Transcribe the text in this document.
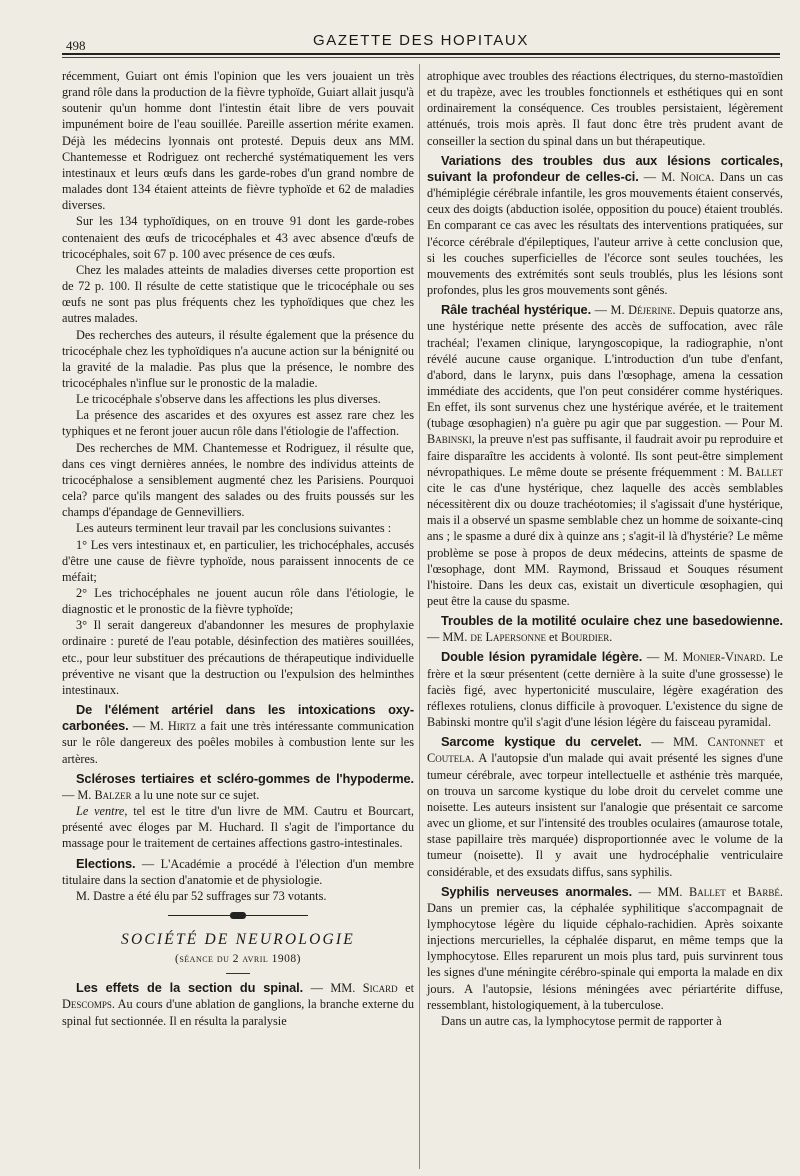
498	GAZETTE DES HOPITAUX

récemment, Guiart ont émis l'opinion que les vers jouaient un très grand rôle dans la production de la fièvre typhoïde, Guiart allait jusqu'à soutenir qu'un homme dont l'intestin était libre de vers pouvait impunément boire de l'eau souillée. Pareille assertion mérite examen. Déjà les médecins lyonnais ont protesté. Depuis deux ans MM. Chantemesse et Rodriguez ont recherché systématiquement les vers intestinaux et leurs œufs dans les garde-robes d'un grand nombre de malades dont 134 étaient atteints de fièvre typhoïde et 62 de maladies diverses.

Sur les 134 typhoïdiques, on en trouve 91 dont les garde-robes contenaient des œufs de tricocéphales et 43 avec absence d'œufs de tricocéphales, soit 67 p. 100 avec présence de ces œufs.

Chez les malades atteints de maladies diverses cette proportion est de 72 p. 100. Il résulte de cette statistique que le tricocéphale ou ses œufs ne sont pas plus fréquents chez les typhoïdiques que chez les autres malades.

Des recherches des auteurs, il résulte également que la présence du tricocéphale chez les typhoïdiques n'a aucune action sur la bénignité ou la gravité de la maladie. Pas plus que la présence, le nombre des tricocéphales n'influe sur le pronostic de la maladie.

Le tricocéphale s'observe dans les affections les plus diverses.

La présence des ascarides et des oxyures est assez rare chez les typhiques et ne feront jouer aucun rôle dans l'étiologie de l'affection.

Des recherches de MM. Chantemesse et Rodriguez, il résulte que, dans ces vingt dernières années, le nombre des individus atteints de tricocéphalose a sensiblement augmenté chez les Parisiens. Pourquoi cela? parce qu'ils mangent des salades ou des fruits poussés sur les champs d'épandage de Gennevilliers.

Les auteurs terminent leur travail par les conclusions suivantes :

1° Les vers intestinaux et, en particulier, les trichocéphales, accusés d'être une cause de fièvre typhoïde, nous paraissent innocents de ce méfait;

2° Les trichocéphales ne jouent aucun rôle dans l'étiologie, le diagnostic et le pronostic de la fièvre typhoïde;

3° Il serait dangereux d'abandonner les mesures de prophylaxie ordinaire : pureté de l'eau potable, désinfection des matières souillées, etc., pour leur substituer des précautions de thérapeutique individuelle préventive ne visant que la destruction ou l'expulsion des helminthes intestinaux.

De l'élément artériel dans les intoxications oxy-carbonées. — M. Hirtz a fait une très intéressante communication sur le rôle dangereux des poêles mobiles à combustion lente sur les artères.

Scléroses tertiaires et scléro-gommes de l'hypoderme. — M. Balzer a lu une note sur ce sujet.

Le ventre, tel est le titre d'un livre de MM. Cautru et Bourcart, présenté avec éloges par M. Huchard. Il s'agit de l'importance du massage pour le traitement de certaines affections gastro-intestinales.

Elections. — L'Académie a procédé à l'élection d'un membre titulaire dans la section d'anatomie et de physiologie.

M. Dastre a été élu par 52 suffrages sur 73 votants.

SOCIÉTÉ DE NEUROLOGIE
(séance du 2 avril 1908)

Les effets de la section du spinal. — MM. Sicard et Descomps. Au cours d'une ablation de ganglions, la branche externe du spinal fut sectionnée. Il en résulta la paralysie

atrophique avec troubles des réactions électriques, du sterno-mastoïdien et du trapèze, avec les troubles fonctionnels et esthétiques qui en sont ordinairement la conséquence. Ces troubles persistaient, légèrement atténués, trois mois après. Il faut donc être très prudent avant de conseiller la section du spinal dans un but thérapeutique.

Variations des troubles dus aux lésions corticales, suivant la profondeur de celles-ci. — M. Noica. Dans un cas d'hémiplégie cérébrale infantile, les gros mouvements étaient conservés, ceux des doigts (abduction isolée, opposition du pouce) étaient troublés. En comparant ce cas avec les résultats des interventions pratiquées, sur l'écorce cérébrale d'épileptiques, l'auteur arrive à cette conclusion que, si les couches superficielles de l'écorce sont seules touchées, les mouvements des extrémités sont seuls troublés, plus les lésions sont profondes, plus les gros mouvements sont gênés.

Râle trachéal hystérique. — M. Déjerine. Depuis quatorze ans, une hystérique nette présente des accès de suffocation, avec râle trachéal; l'examen clinique, laryngoscopique, la radiographie, n'ont révélé aucune cause organique. L'introduction d'un tube d'enfant, d'abord, dans le larynx, puis dans l'œsophage, amena la cessation immédiate des accidents, que l'on peut considérer comme hystériques. En effet, ils sont survenus chez une hystérique avérée, et le traitement (tubage œsophagien) n'a guère pu agir que par suggestion. — Pour M. Babinski, la preuve n'est pas suffisante, il faudrait avoir pu reproduire et faire disparaître les accidents à volonté. Ils sont peut-être simplement névropathiques. Le même doute se présente fréquemment : M. Ballet cite le cas d'une hystérique, chez laquelle des accès semblables nécessitèrent dix ou douze trachéotomies; il s'agissait d'une hystérique, mais il a observé un spasme semblable chez un homme de soixante-cinq ans ; le spasme a duré dix à quinze ans ; s'agit-il là d'hystérie? Le même problème se pose à propos de deux médecins, atteints de spasme de l'œsophage, dont MM. Raymond, Brissaud et Souques résument l'histoire. Dans les deux cas, existait un diverticule œsophagien, qui peut être la cause du spasme.

Troubles de la motilité oculaire chez une basedowienne. — MM. de Lapersonne et Bourdier.

Double lésion pyramidale légère. — M. Monier-Vinard. Le frère et la sœur présentent (cette dernière à la suite d'une grossesse) le faciès figé, avec hypertonicité musculaire, légère exagération des réflexes rotuliens, clonus difficile à provoquer. L'existence du signe de Babinski montre qu'il s'agit d'une lésion légère du faisceau pyramidal.

Sarcome kystique du cervelet. — MM. Cantonnet et Coutela. A l'autopsie d'un malade qui avait présenté les signes d'une tumeur cérébrale, avec torpeur intellectuelle et asthénie très marquée, on trouva un sarcome kystique du lobe droit du cervelet comme une noisette. Les auteurs insistent sur l'analogie que présentait ce sarcome avec un gliome, et sur l'intensité des troubles oculaires (amaurose totale, stase papillaire très marquée) disproportionnée avec le volume de la tumeur (noisette). Il y avait une hydrocéphalie ventriculaire considérable, et des exsudats diffus, sans syphilis.

Syphilis nerveuses anormales. — MM. Ballet et Barbé. Dans un premier cas, la céphalée syphilitique s'accompagnait de lymphocytose légère du liquide céphalo-rachidien. Après soixante injections mercurielles, la céphalée disparut, en même temps que la lymphocytose. Elles reparurent un mois plus tard, puis survinrent tous les signes d'une méningite cérébro-spinale qui emporta la malade en dix jours. A l'autopsie, lésions méningées avec périartérite diffuse, ressemblant, histologiquement, à la tuberculose.

Dans un autre cas, la lymphocytose permit de rapporter à
